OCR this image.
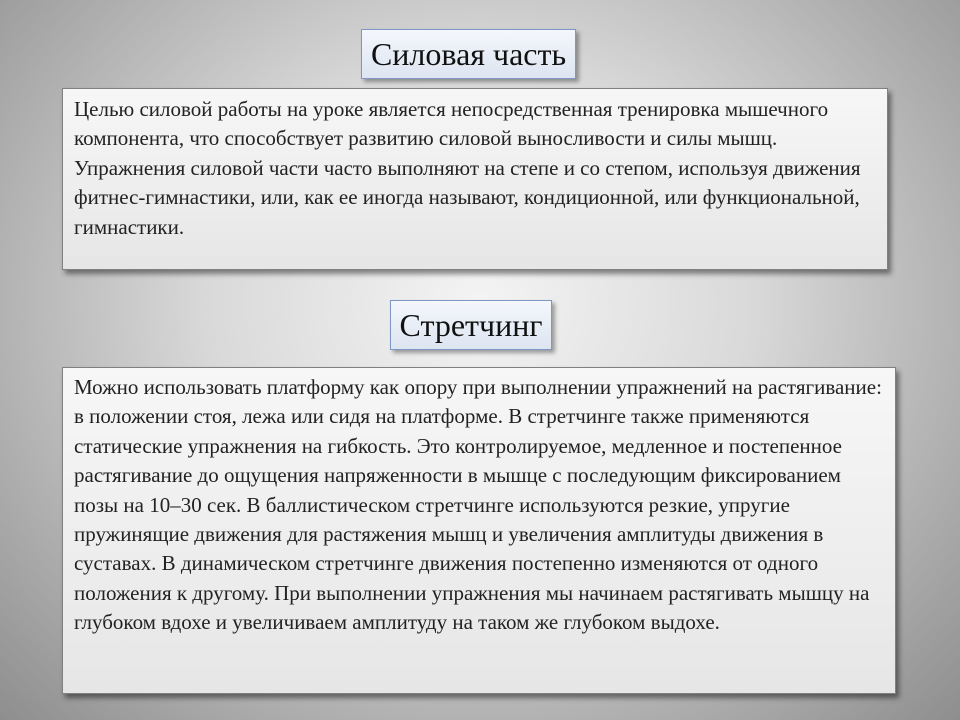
Силовая часть

Целью силовой работы на уроке является непосредственная тренировка мышечного компонента, что способствует развитию силовой выносливости и силы мышц.

Упражнения силовой части часто выполняют на степе и со степом, используя движения фитнес-гимнастики, или, как ее иногда называют, кондиционной, или функциональной, гимнастики.

Стретчинг

Можно использовать платформу как опору при выполнении упражнений на растягивание: в положении стоя, лежа или сидя на платформе. В стретчинге также применяются статические упражнения на гибкость. Это контролируемое, медленное и постепенное растягивание до ощущения напряженности в мышце с последующим фиксированием позы на 10–30 сек. В баллистическом стретчинге используются резкие, упругие пружинящие движения для растяжения мышц и увеличения амплитуды движения в суставах. В динамическом стретчинге движения постепенно изменяются от одного положения к другому. При выполнении упражнения мы начинаем растягивать мышцу на глубоком вдохе и увеличиваем амплитуду на таком же глубоком выдохе.
